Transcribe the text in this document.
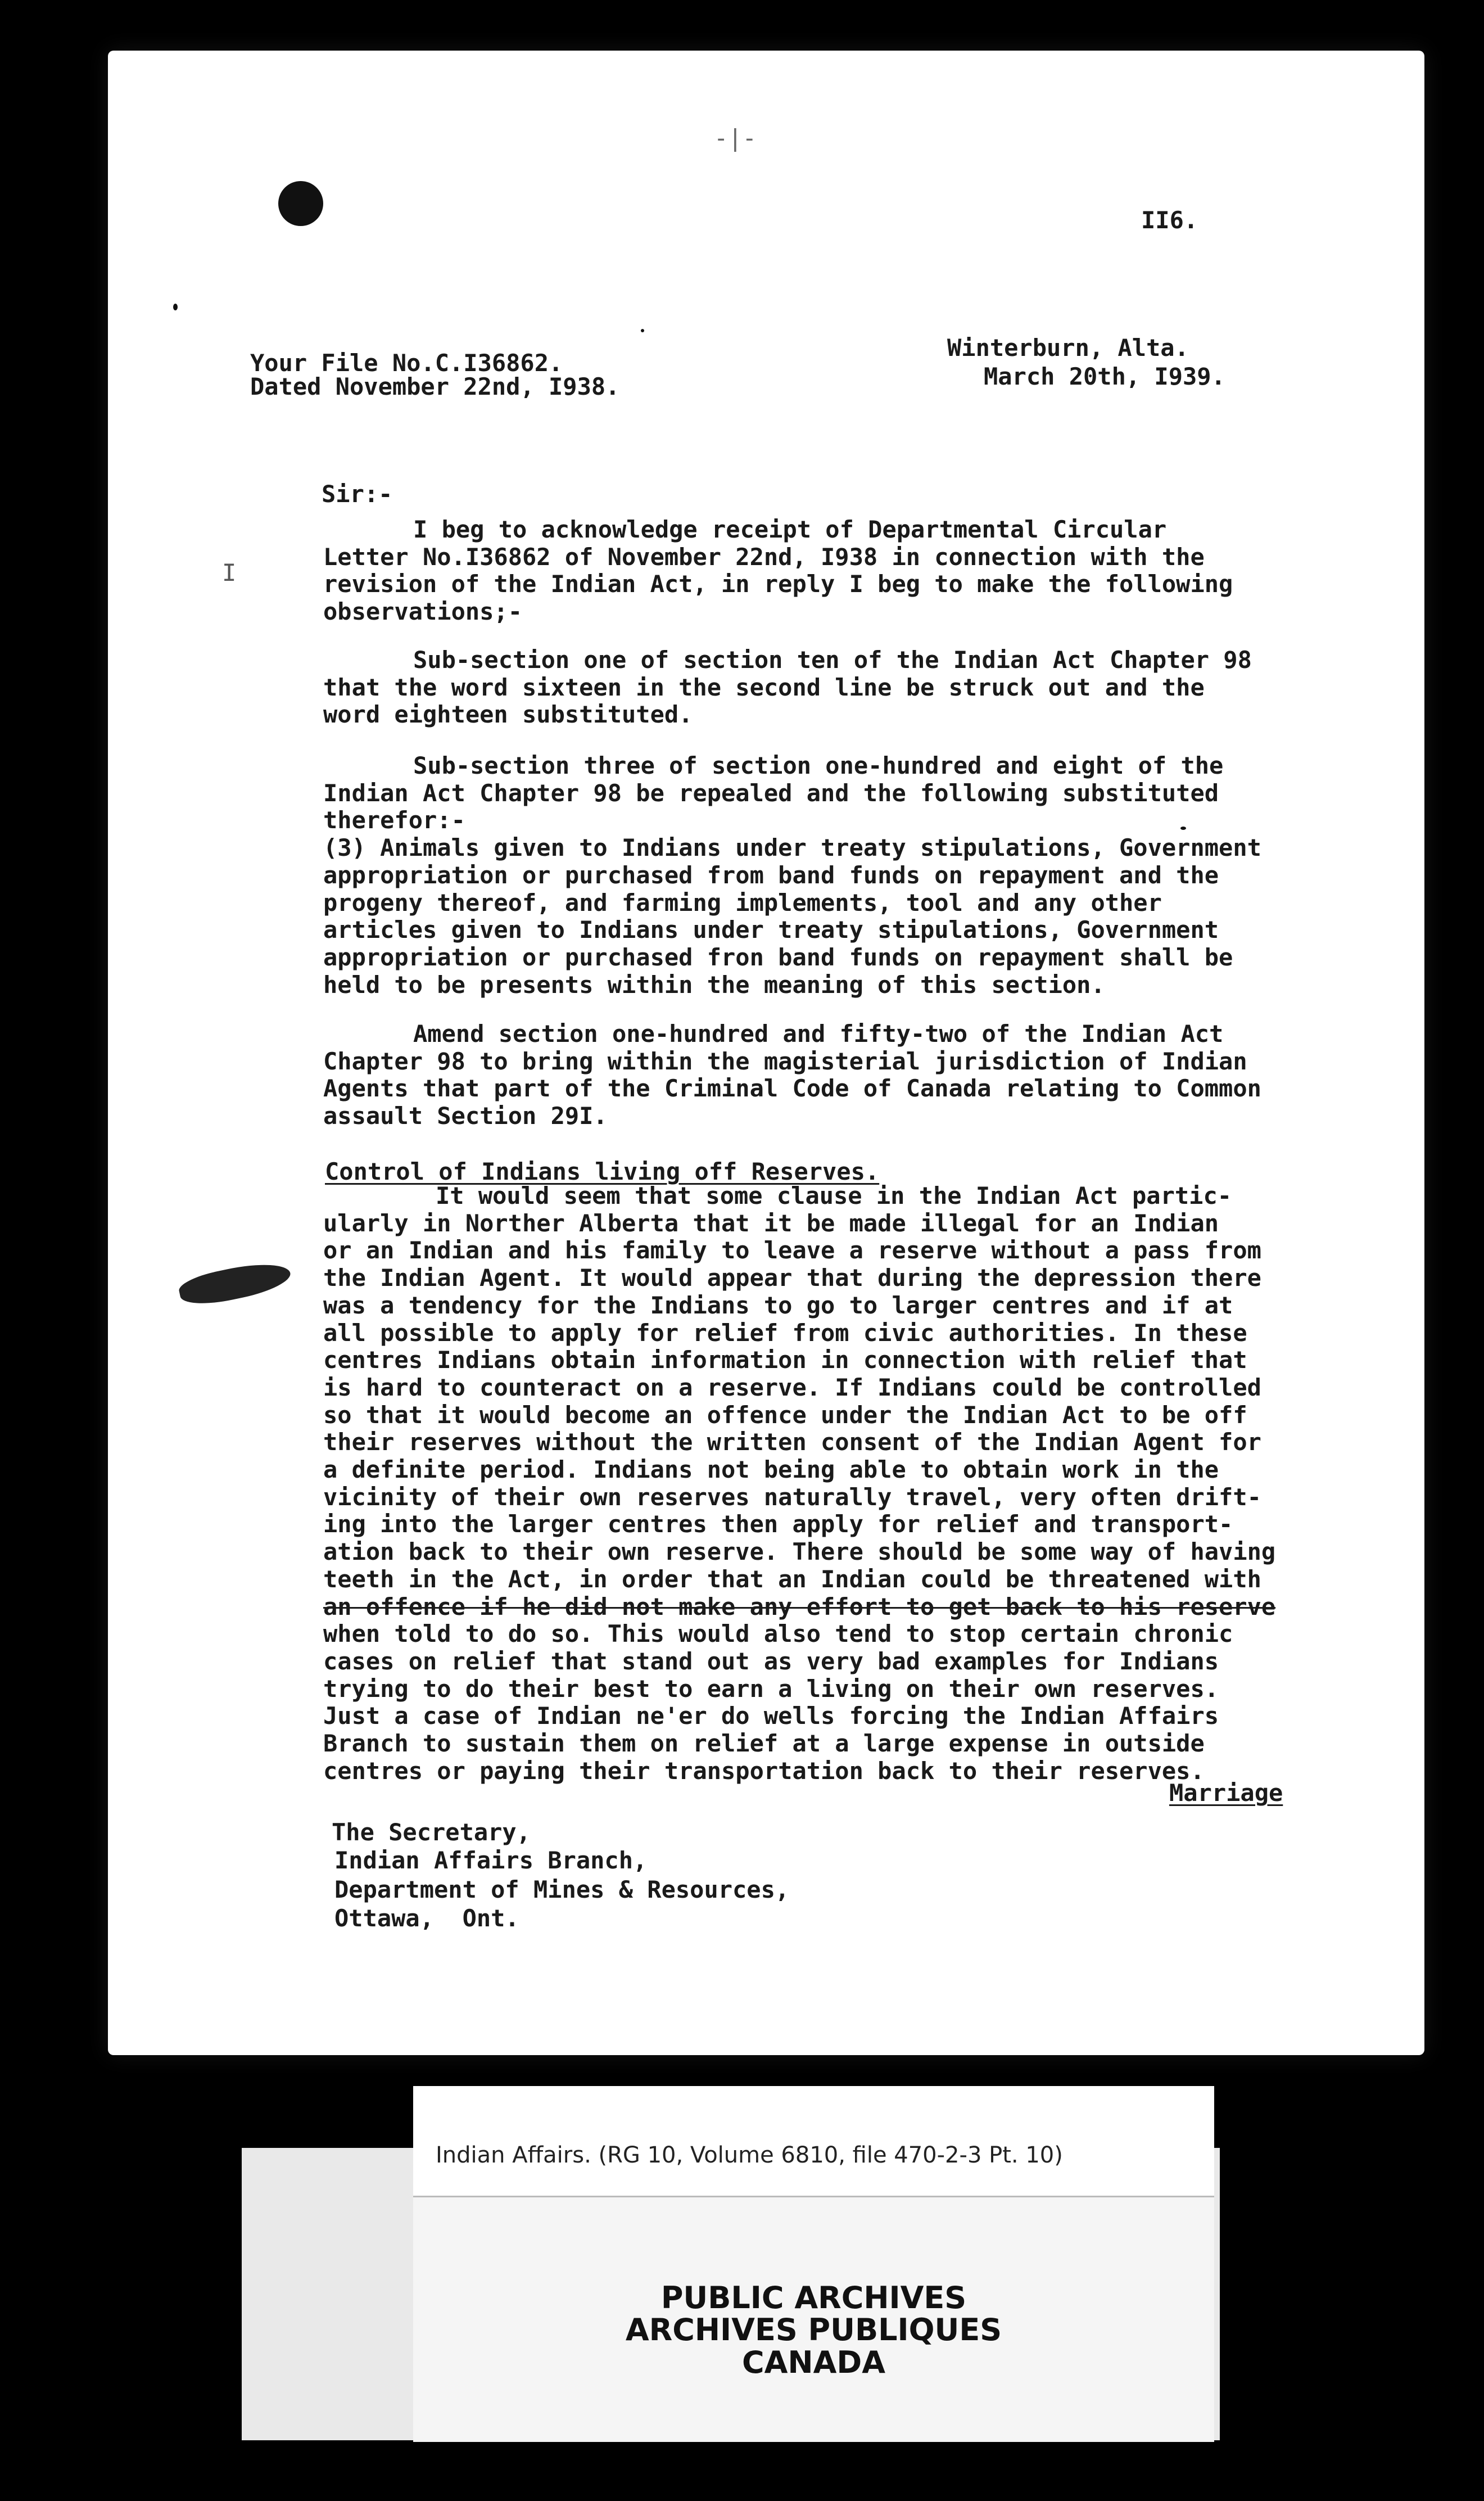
-|-
I
II6.
Your File No.C.I36862.
Dated November 22nd, I938.
Winterburn, Alta.
March 20th, I939.
Sir:-
I beg to acknowledge receipt of Departmental Circular
Letter No.I36862 of November 22nd, I938 in connection with the
revision of the Indian Act, in reply I beg to make the following
observations;-
Sub-section one of section ten of the Indian Act Chapter 98
that the word sixteen in the second line be struck out and the
word eighteen substituted.
Sub-section three of section one-hundred and eight of the
Indian Act Chapter 98 be repealed and the following substituted
therefor:-
(3) Animals given to Indians under treaty stipulations, Government
appropriation or purchased from band funds on repayment and the
progeny thereof, and farming implements, tool and any other
articles given to Indians under treaty stipulations, Government
appropriation or purchased fron band funds on repayment shall be
held to be presents within the meaning of this section.
Amend section one-hundred and fifty-two of the Indian Act
Chapter 98 to bring within the magisterial jurisdiction of Indian
Agents that part of the Criminal Code of Canada relating to Common
assault Section 29I.
Control of Indians living off Reserves.
It would seem that some clause in the Indian Act partic-
ularly in Norther Alberta that it be made illegal for an Indian
or an Indian and his family to leave a reserve without a pass from
the Indian Agent. It would appear that during the depression there
was a tendency for the Indians to go to larger centres and if at
all possible to apply for relief from civic authorities. In these
centres Indians obtain information in connection with relief that
is hard to counteract on a reserve. If Indians could be controlled
so that it would become an offence under the Indian Act to be off
their reserves without the written consent of the Indian Agent for
a definite period. Indians not being able to obtain work in the
vicinity of their own reserves naturally travel, very often drift-
ing into the larger centres then apply for relief and transport-
ation back to their own reserve. There should be some way of having
teeth in the Act, in order that an Indian could be threatened with
an offence if he did not make any effort to get back to his reserve
when told to do so. This would also tend to stop certain chronic
cases on relief that stand out as very bad examples for Indians
trying to do their best to earn a living on their own reserves.
Just a case of Indian ne'er do wells forcing the Indian Affairs
Branch to sustain them on relief at a large expense in outside
centres or paying their transportation back to their reserves.
Marriage
The Secretary,
Indian Affairs Branch,
Department of Mines & Resources,
Ottawa,  Ont.
Indian Affairs. (RG 10, Volume 6810, file 470-2-3 Pt. 10)
PUBLIC ARCHIVES
ARCHIVES PUBLIQUES
CANADA
